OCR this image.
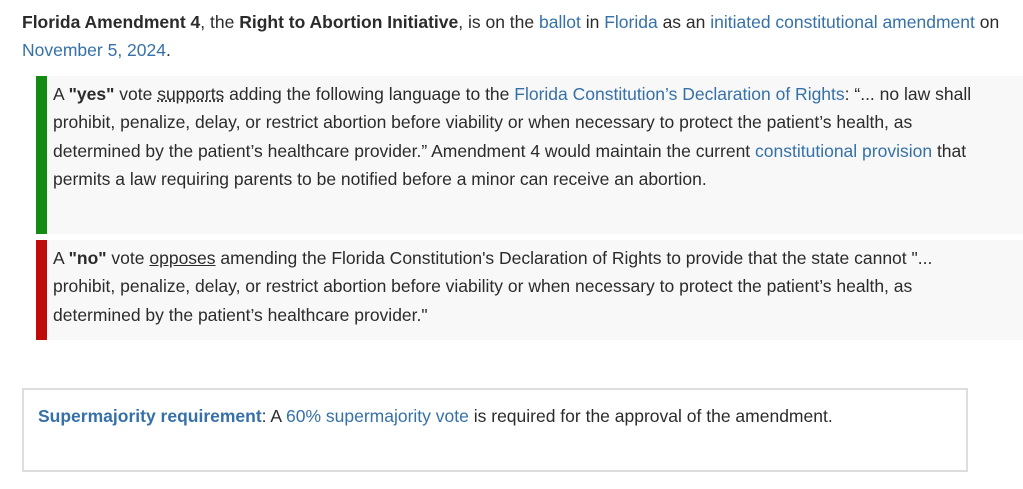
Florida Amendment 4, the Right to Abortion Initiative, is on the ballot in Florida as an initiated constitutional amendment on November 5, 2024.

A "yes" vote supports adding the following language to the Florida Constitution’s Declaration of Rights: “... no law shall prohibit, penalize, delay, or restrict abortion before viability or when necessary to protect the patient’s health, as determined by the patient’s healthcare provider.” Amendment 4 would maintain the current constitutional provision that permits a law requiring parents to be notified before a minor can receive an abortion.
A "no" vote opposes amending the Florida Constitution's Declaration of Rights to provide that the state cannot "... prohibit, penalize, delay, or restrict abortion before viability or when necessary to protect the patient’s health, as determined by the patient’s healthcare provider."
Supermajority requirement: A 60% supermajority vote is required for the approval of the amendment.
